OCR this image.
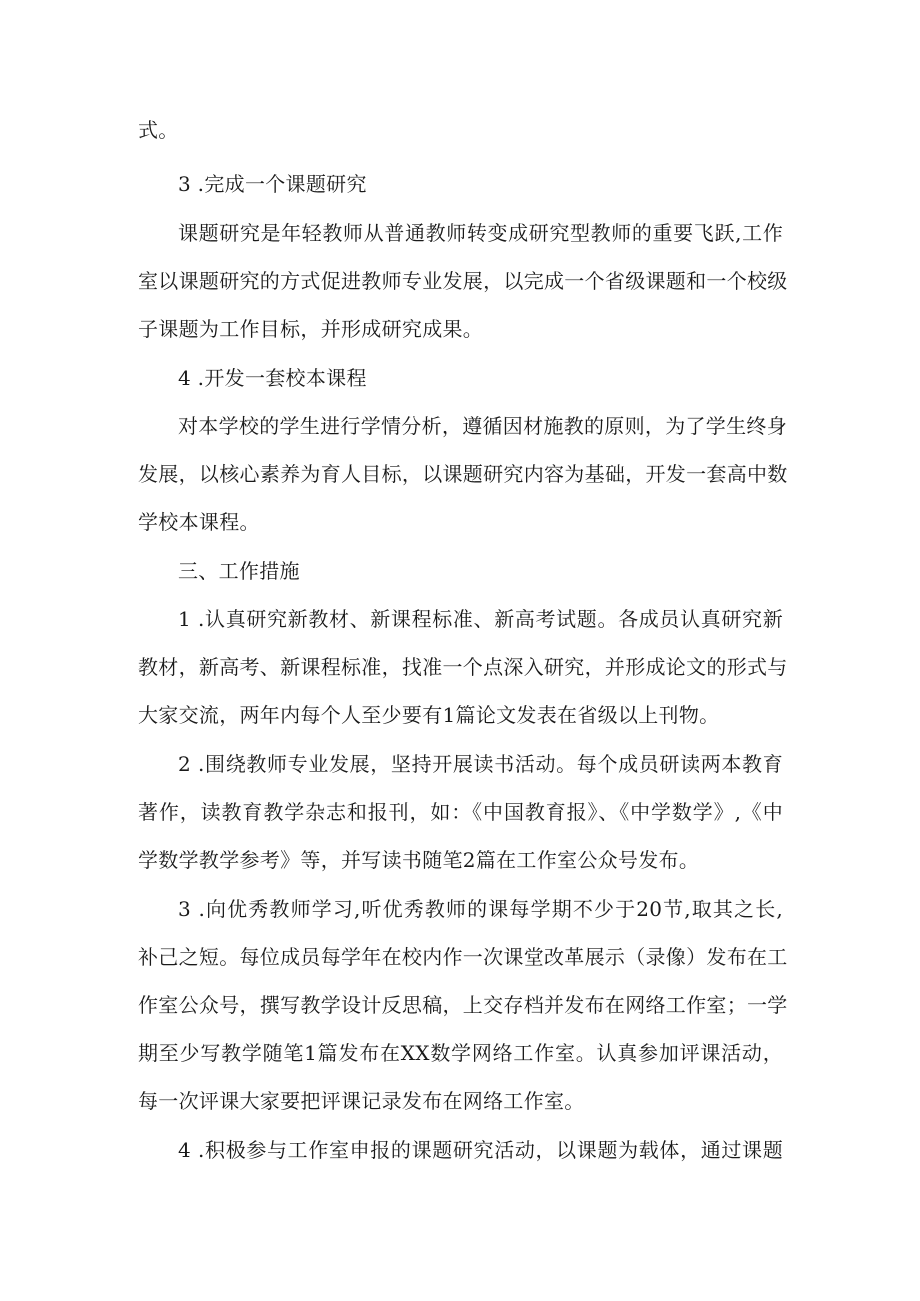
式。
3 .完成一个课题研究
课题研究是年轻教师从普通教师转变成研究型教师的重要飞跃,工作
室以课题研究的方式促进教师专业发展，以完成一个省级课题和一个校级
子课题为工作目标，并形成研究成果。
4 .开发一套校本课程
对本学校的学生进行学情分析，遵循因材施教的原则，为了学生终身
发展，以核心素养为育人目标，以课题研究内容为基础，开发一套高中数
学校本课程。
三、工作措施
1 .认真研究新教材、新课程标准、新高考试题。各成员认真研究新
教材，新高考、新课程标准，找准一个点深入研究，并形成论文的形式与
大家交流，两年内每个人至少要有1篇论文发表在省级以上刊物。
2 .围绕教师专业发展，坚持开展读书活动。每个成员研读两本教育
著作，读教育教学杂志和报刊，如：《中国教育报》、《中学数学》,《中
学数学教学参考》等，并写读书随笔2篇在工作室公众号发布。
3 .向优秀教师学习,听优秀教师的课每学期不少于20节,取其之长,
补己之短。每位成员每学年在校内作一次课堂改革展示（录像）发布在工
作室公众号，撰写教学设计反思稿，上交存档并发布在网络工作室；一学
期至少写教学随笔1篇发布在XX数学网络工作室。认真参加评课活动，
每一次评课大家要把评课记录发布在网络工作室。
4 .积极参与工作室申报的课题研究活动，以课题为载体，通过课题
